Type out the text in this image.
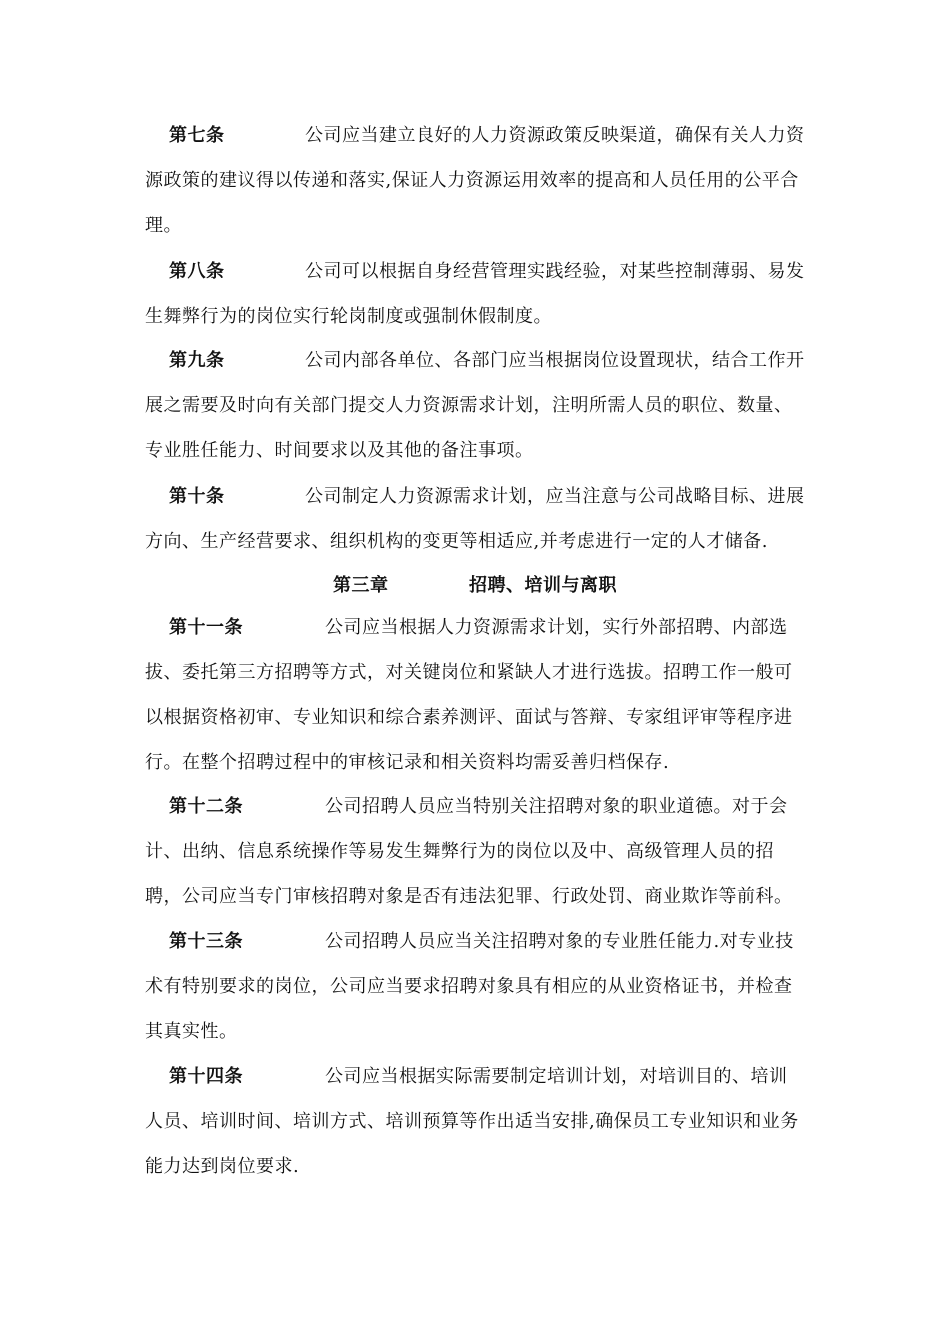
第七条	公司应当建立良好的人力资源政策反映渠道，确保有关人力资源政策的建议得以传递和落实,保证人力资源运用效率的提高和人员任用的公平合理。

第八条	公司可以根据自身经营管理实践经验，对某些控制薄弱、易发生舞弊行为的岗位实行轮岗制度或强制休假制度。

第九条	公司内部各单位、各部门应当根据岗位设置现状，结合工作开展之需要及时向有关部门提交人力资源需求计划，注明所需人员的职位、数量、专业胜任能力、时间要求以及其他的备注事项。

第十条	公司制定人力资源需求计划，应当注意与公司战略目标、进展方向、生产经营要求、组织机构的变更等相适应,并考虑进行一定的人才储备.

第三章	招聘、培训与离职

第十一条	公司应当根据人力资源需求计划，实行外部招聘、内部选拔、委托第三方招聘等方式，对关键岗位和紧缺人才进行选拔。招聘工作一般可以根据资格初审、专业知识和综合素养测评、面试与答辩、专家组评审等程序进行。在整个招聘过程中的审核记录和相关资料均需妥善归档保存.

第十二条	公司招聘人员应当特别关注招聘对象的职业道德。对于会计、出纳、信息系统操作等易发生舞弊行为的岗位以及中、高级管理人员的招聘，公司应当专门审核招聘对象是否有违法犯罪、行政处罚、商业欺诈等前科。

第十三条	公司招聘人员应当关注招聘对象的专业胜任能力.对专业技术有特别要求的岗位，公司应当要求招聘对象具有相应的从业资格证书，并检查其真实性。

第十四条	公司应当根据实际需要制定培训计划，对培训目的、培训人员、培训时间、培训方式、培训预算等作出适当安排,确保员工专业知识和业务能力达到岗位要求.
